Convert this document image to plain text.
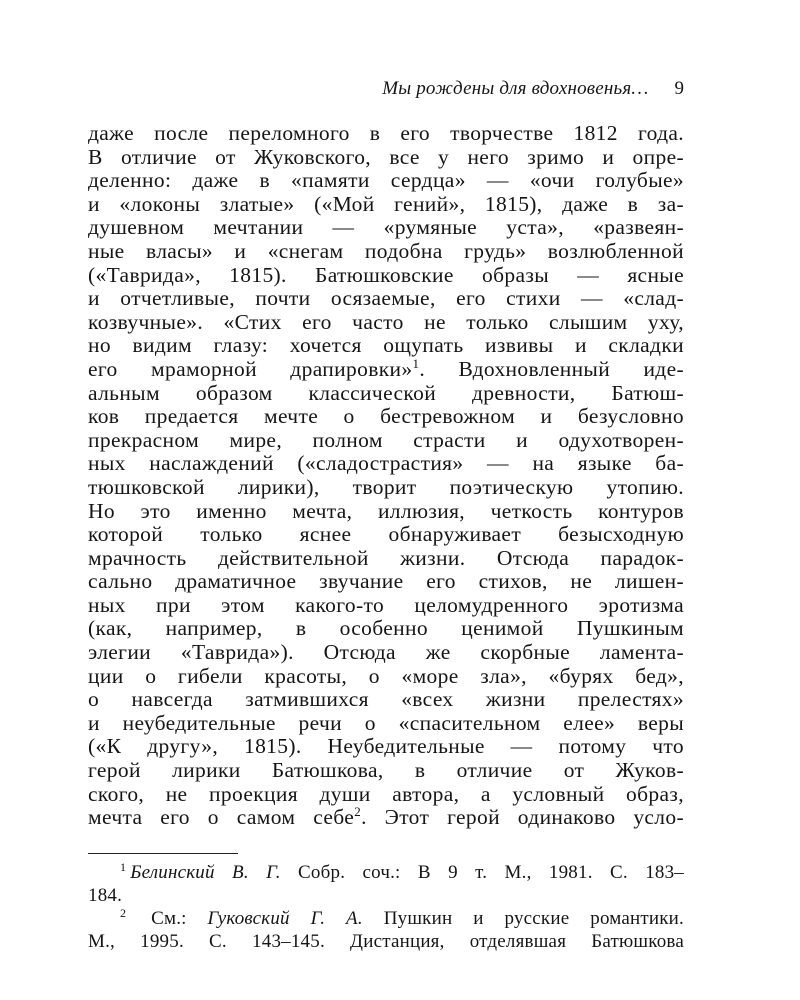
Мы рождены для вдохновенья… 9
даже после переломного в его творчестве 1812 года.
В отличие от Жуковского, все у него зримо и опре-
деленно: даже в «памяти сердца» — «очи голубые»
и «локоны златые» («Мой гений», 1815), даже в за-
душевном мечтании — «румяные уста», «развеян-
ные власы» и «снегам подобна грудь» возлюбленной
(«Таврида», 1815). Батюшковские образы — ясные
и отчетливые, почти осязаемые, его стихи — «слад-
козвучные». «Стих его часто не только слышим уху,
но видим глазу: хочется ощупать извивы и складки
его мраморной драпировки»$^1$. Вдохновленный иде-
альным образом классической древности, Батюш-
ков предается мечте о бестревожном и безусловно
прекрасном мире, полном страсти и одухотворен-
ных наслаждений («сладострастия» — на языке ба-
тюшковской лирики), творит поэтическую утопию.
Но это именно мечта, иллюзия, четкость контуров
которой только яснее обнаруживает безысходную
мрачность действительной жизни. Отсюда парадок-
сально драматичное звучание его стихов, не лишен-
ных при этом какого-то целомудренного эротизма
(как, например, в особенно ценимой Пушкиным
элегии «Таврида»). Отсюда же скорбные ламента-
ции о гибели красоты, о «море зла», «бурях бед»,
о навсегда затмившихся «всех жизни прелестях»
и неубедительные речи о «спасительном елее» веры
(«К другу», 1815). Неубедительные — потому что
герой лирики Батюшкова, в отличие от Жуков-
ского, не проекция души автора, а условный образ,
мечта его о самом себе$^2$. Этот герой одинаково усло-
$^1$ Белинский В. Г. Собр. соч.: В 9 т. М., 1981. С. 183–
184.
$^2$ См.: Гуковский Г. А. Пушкин и русские романтики.
М., 1995. С. 143–145. Дистанция, отделявшая Батюшкова
